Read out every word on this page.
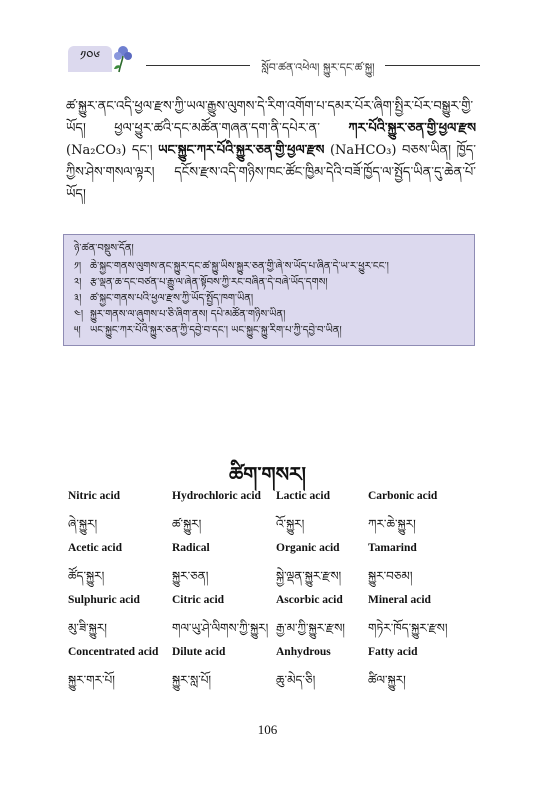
༡༠༦
སློབ་ཚན་འཕེལ། སྐྱུར་དང་ཚ་སྐྱུ།
ཚ་སྐྱུར་ནང་འདི་ཕྱལ་རྫས་ཀྱི་ཡལ་རྒྱུས་ལུགས་དེ་རིག་འགོག་པ་དམར་པོར་ཞིག་སྤྱིར་པོར་བསྒྱུར་གྱི་ཡོད། ཕྱལ་ཕྱུར་ཚའི་དང་མཚོན་གཞན་དག་ནི་དཔེར་ན་ ཀར་པོའི་སྐྱུར་ཅན་གྱི་ཕྱལ་རྫས (Na₂CO₃) དང་། ཡང་སྐྱུང་ཀར་པོའི་སྐྱུར་ཅན་གྱི་ཕྱལ་རྫས (NaHCO₃) བཅས་ཡིན། ཁྱོད་ཀྱིས་ཤེས་གསལ་ལྟར། དངོས་རྫས་འདི་གཉིས་ཁང་ཚོང་ཁྱིམ་དེའི་བཟོ་ཁྱོད་ལ་སྤྱོད་ཡིན་དུ་ཆེན་པོ་ཡོད།
ཉེ་ཚན་བསྡུས་དོན།
༡། ཆེ་སྐྱང་གནས་ལུགས་ནང་སྐྱུར་དང་ཚ་སྐྱུ་ཡིས་སྐྱུར་ཅན་གྱི་ཞེ་ས་ཡོད་པ་ཞིན་དེ་ཡ་ར་ཕྱུར་ངང་།
༢། རྩ་ལྡན་ཆ་དང་བཙན་པ་རྒྱུ་ལ་ཞེན་སྟོབས་ཀྱི་རང་བཞིན་དེ་བཞེ་ཡོད་དགས།
༣། ཚ་སྐྱང་གནས་པའི་ཕྱལ་རྫས་ཀྱི་ཡོད་སྤྱོད་ཁག་ཡིན།
༤། སྐྱུར་གནས་ལ་ཞུགས་པ་ཅི་ཞིག་ནས། དཔེ་མཚོན་གཉིས་ཡིན།
༥། ཡང་སྐྱུང་ཀར་པོའི་སྐྱུར་ཅན་ཀྱི་དབྱེ་བ་དང་། ཡང་སྐྱུང་སྐྱུ་རིག་པ་ཀྱི་དབྱེ་བ་ཡིན།
ཚིག་གསར།
Nitric acid
ཞེ་སྐྱུར།
Hydrochloric acid
ཚ་སྐྱུར།
Lactic acid
འོ་སྐྱུར།
Carbonic acid
ཀར་ཆེ་སྐྱུར།
Acetic acid
ཚོད་སྐྱུར།
Radical
སྐྱུར་ཅན།
Organic acid
སྐྱེ་ལྡན་སྐྱུར་རྫས།
Tamarind
སྐྱུར་བཅམ།
Sulphuric acid
མུ་ཟི་སྐྱུར།
Citric acid
གལ་ཡུ་ཤེ་ལིགས་ཀྱི་སྐྱུར།
Ascorbic acid
རྒྱ་མ་ཀྱི་སྐྱུར་རྫས།
Mineral acid
གཏེར་ཁོད་སྐྱུར་རྫས།
Concentrated acid
སྐྱུར་གར་པོ།
Dilute acid
སྐྱུར་སླ་པོ།
Anhydrous
ཆུ་མེད་ཅི།
Fatty acid
ཚིལ་སྐྱུར།
106
